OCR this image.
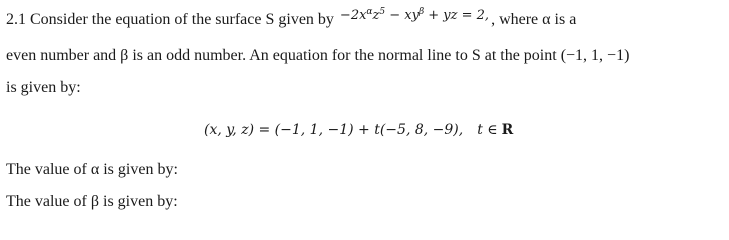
2.1 Consider the equation of the surface S given by $^{-2x^\alpha z^5 - xy^\beta + yz = 2,}$ , where α is a
even number and β is an odd number. An equation for the normal line to S at the point (−1, 1, −1)
is given by:
(x, y, z) = (−1, 1, −1) + t(−5, 8, −9), t ∈ R
The value of α is given by:
The value of β is given by:
